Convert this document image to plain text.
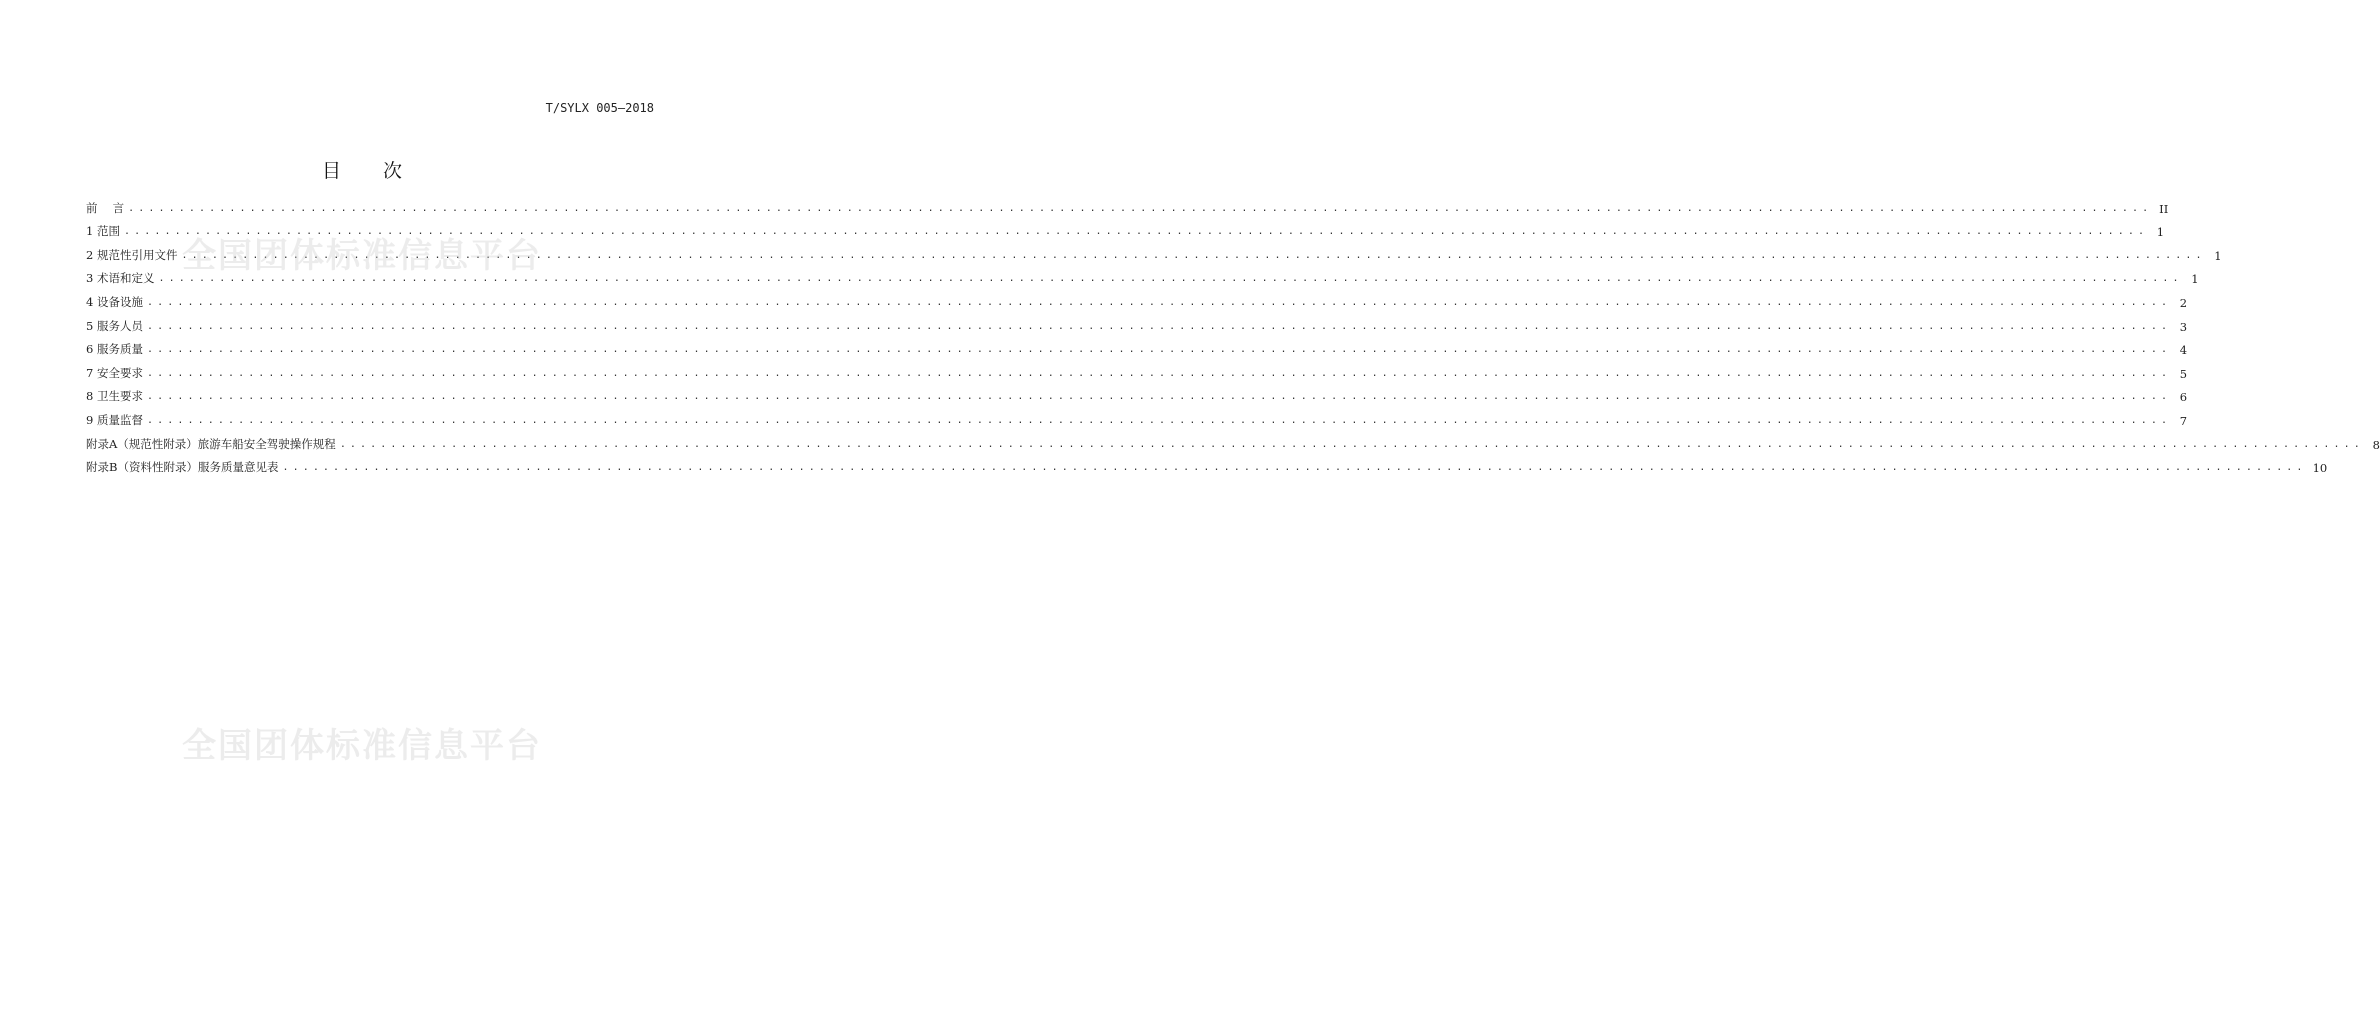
T/SYLX 005—2018
目 次
前　 言 ........................................................................................................................................................................................................ II
1 范围 ........................................................................................................................................................................................................ 1
2 规范性引用文件 ........................................................................................................................................................................................................ 1
3 术语和定义 ........................................................................................................................................................................................................ 1
4 设备设施 ........................................................................................................................................................................................................ 2
5 服务人员 ........................................................................................................................................................................................................ 3
6 服务质量 ........................................................................................................................................................................................................ 4
7 安全要求 ........................................................................................................................................................................................................ 5
8 卫生要求 ........................................................................................................................................................................................................ 6
9 质量监督 ........................................................................................................................................................................................................ 7
附录A（规范性附录）旅游车船安全驾驶操作规程 ........................................................................................................................................................................................................ 8
附录B（资料性附录）服务质量意见表 ........................................................................................................................................................................................................ 10
全国团体标准信息平台
全国团体标准信息平台
